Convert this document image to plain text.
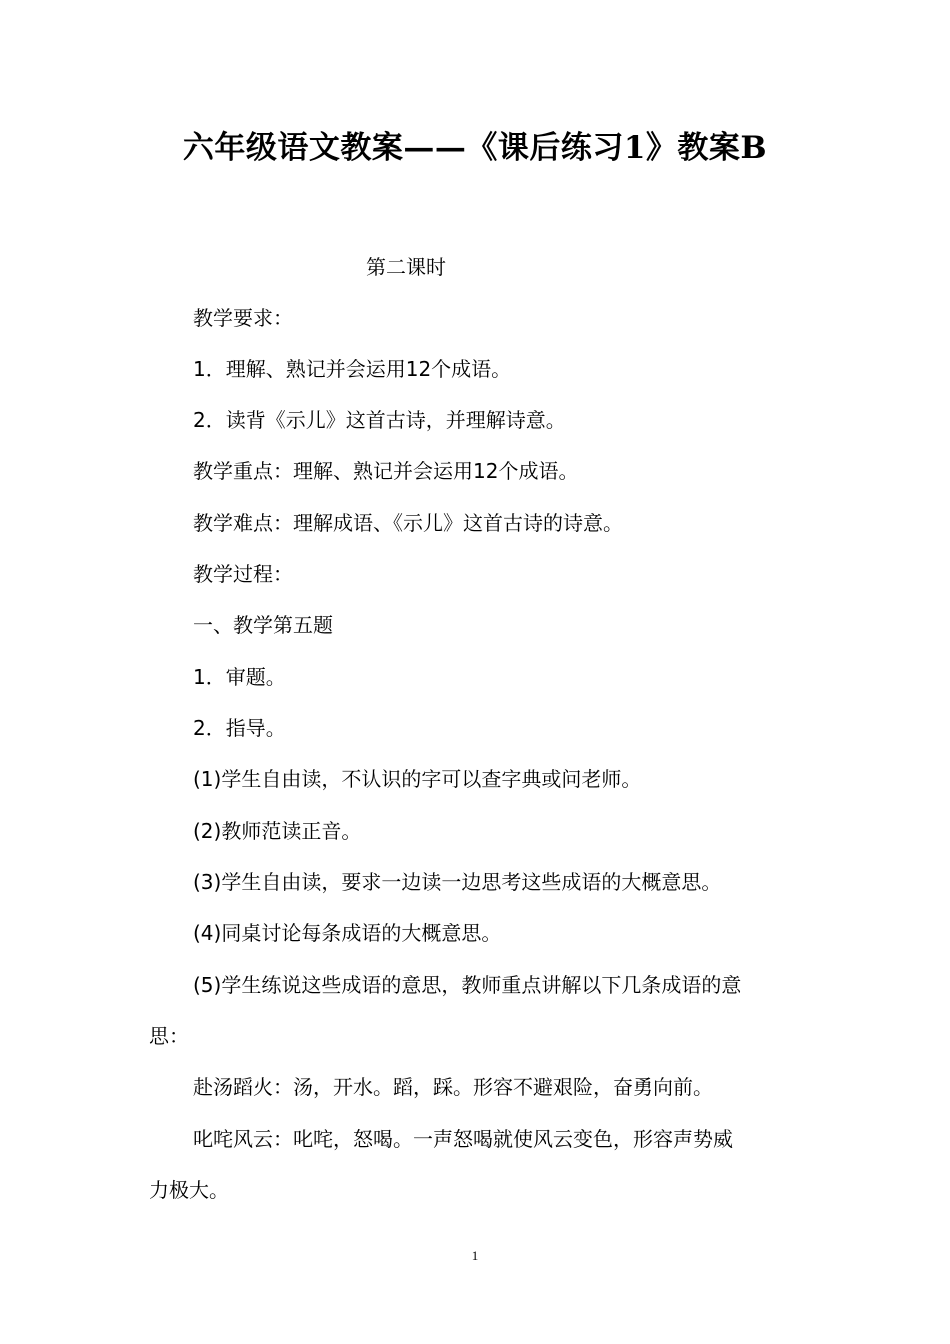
六年级语文教案——《课后练习1》教案B
第二课时
教学要求：
1．理解、熟记并会运用12个成语。
2．读背《示儿》这首古诗，并理解诗意。
教学重点：理解、熟记并会运用12个成语。
教学难点：理解成语、《示儿》这首古诗的诗意。
教学过程：
一、教学第五题
1．审题。
2．指导。
(1)学生自由读，不认识的字可以查字典或问老师。
(2)教师范读正音。
(3)学生自由读，要求一边读一边思考这些成语的大概意思。
(4)同桌讨论每条成语的大概意思。
(5)学生练说这些成语的意思，教师重点讲解以下几条成语的意
思：
赴汤蹈火：汤，开水。蹈，踩。形容不避艰险，奋勇向前。
叱咤风云：叱咤，怒喝。一声怒喝就使风云变色，形容声势威
力极大。
1
